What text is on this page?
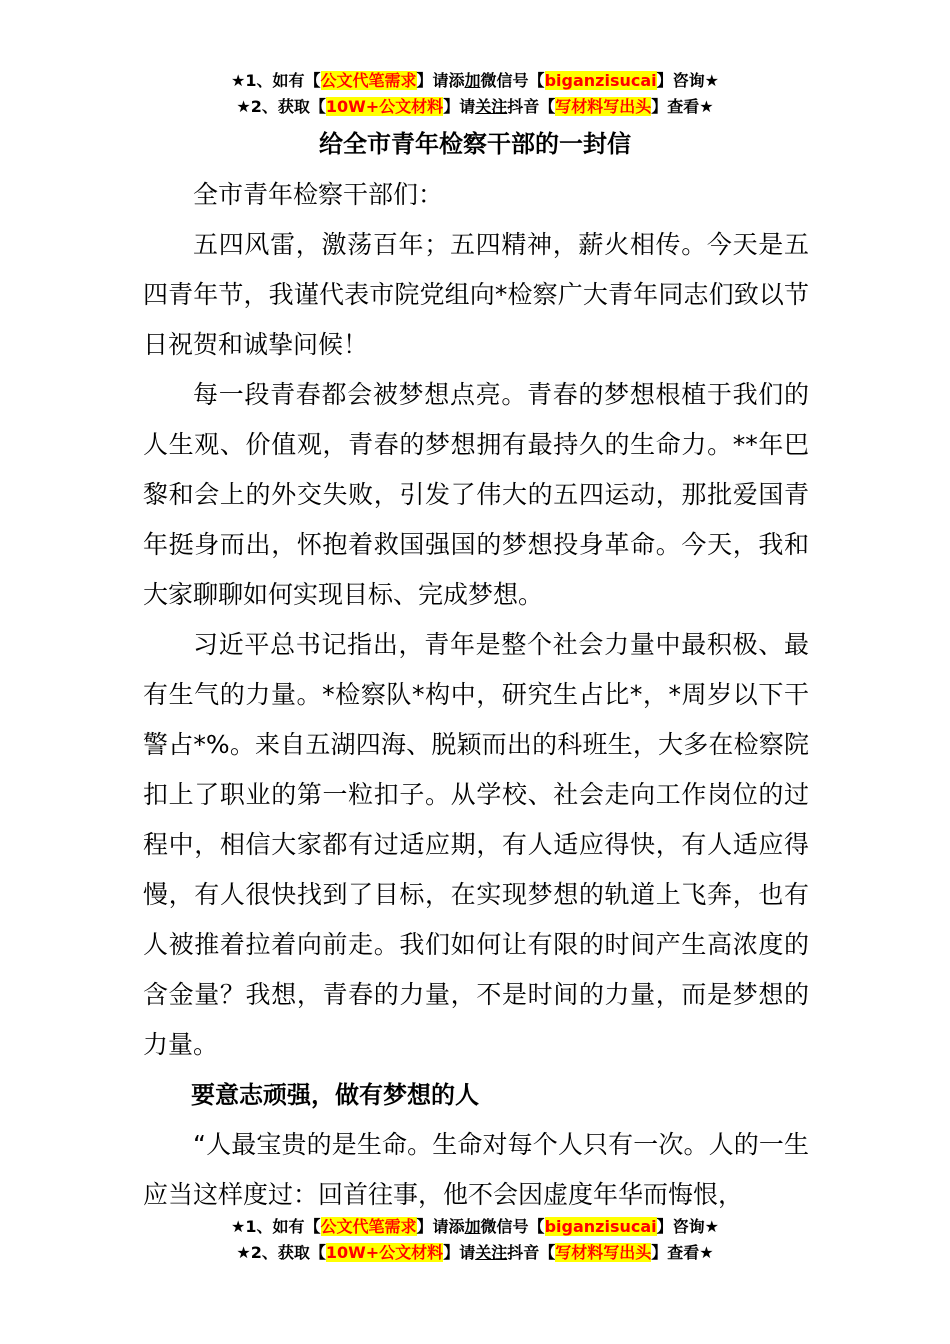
★1、如有【公文代笔需求】请添加微信号【biganzisucai】咨询★
★2、获取【10W+公文材料】请关注抖音【写材料写出头】查看★
给全市青年检察干部的一封信

全市青年检察干部们：

五四风雷，激荡百年；五四精神，薪火相传。今天是五四青年节，我谨代表市院党组向*检察广大青年同志们致以节日祝贺和诚挚问候！

每一段青春都会被梦想点亮。青春的梦想根植于我们的人生观、价值观，青春的梦想拥有最持久的生命力。**年巴黎和会上的外交失败，引发了伟大的五四运动，那批爱国青年挺身而出，怀抱着救国强国的梦想投身革命。今天，我和大家聊聊如何实现目标、完成梦想。

习近平总书记指出，青年是整个社会力量中最积极、最有生气的力量。*检察队*构中，研究生占比*，*周岁以下干警占*%。来自五湖四海、脱颖而出的科班生，大多在检察院扣上了职业的第一粒扣子。从学校、社会走向工作岗位的过程中，相信大家都有过适应期，有人适应得快，有人适应得慢，有人很快找到了目标，在实现梦想的轨道上飞奔，也有人被推着拉着向前走。我们如何让有限的时间产生高浓度的含金量？我想，青春的力量，不是时间的力量，而是梦想的力量。

要意志顽强，做有梦想的人

“人最宝贵的是生命。生命对每个人只有一次。人的一生应当这样度过：回首往事，他不会因虚度年华而悔恨，

★1、如有【公文代笔需求】请添加微信号【biganzisucai】咨询★
★2、获取【10W+公文材料】请关注抖音【写材料写出头】查看★
